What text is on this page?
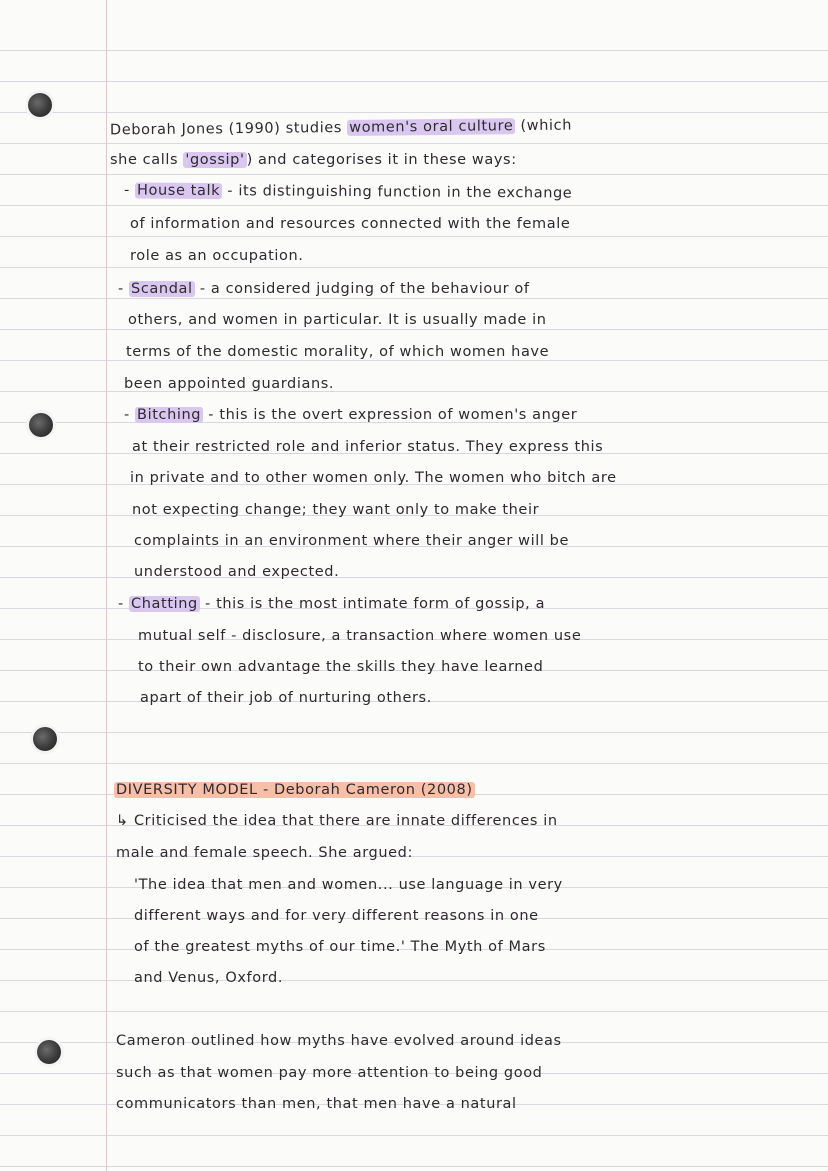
Deborah Jones (1990) studies women's oral culture (which
she calls 'gossip' ) and categorises it in these ways:
- House talk - its distinguishing function in the exchange
of information and resources connected with the female
role as an occupation.
- Scandal - a considered judging of the behaviour of
others, and women in particular. It is usually made in
terms of the domestic morality, of which women have
been appointed guardians.
- Bitching - this is the overt expression of women's anger
at their restricted role and inferior status. They express this
in private and to other women only. The women who bitch are
not expecting change; they want only to make their
complaints in an environment where their anger will be
understood and expected.
- Chatting - this is the most intimate form of gossip, a
mutual self - disclosure, a transaction where women use
to their own advantage the skills they have learned
apart of their job of nurturing others.
DIVERSITY MODEL - Deborah Cameron (2008)
↳ Criticised the idea that there are innate differences in
male and female speech. She argued:
'The idea that men and women... use language in very
different ways and for very different reasons in one
of the greatest myths of our time.' The Myth of Mars
and Venus, Oxford.
Cameron outlined how myths have evolved around ideas
such as that women pay more attention to being good
communicators than men, that men have a natural
